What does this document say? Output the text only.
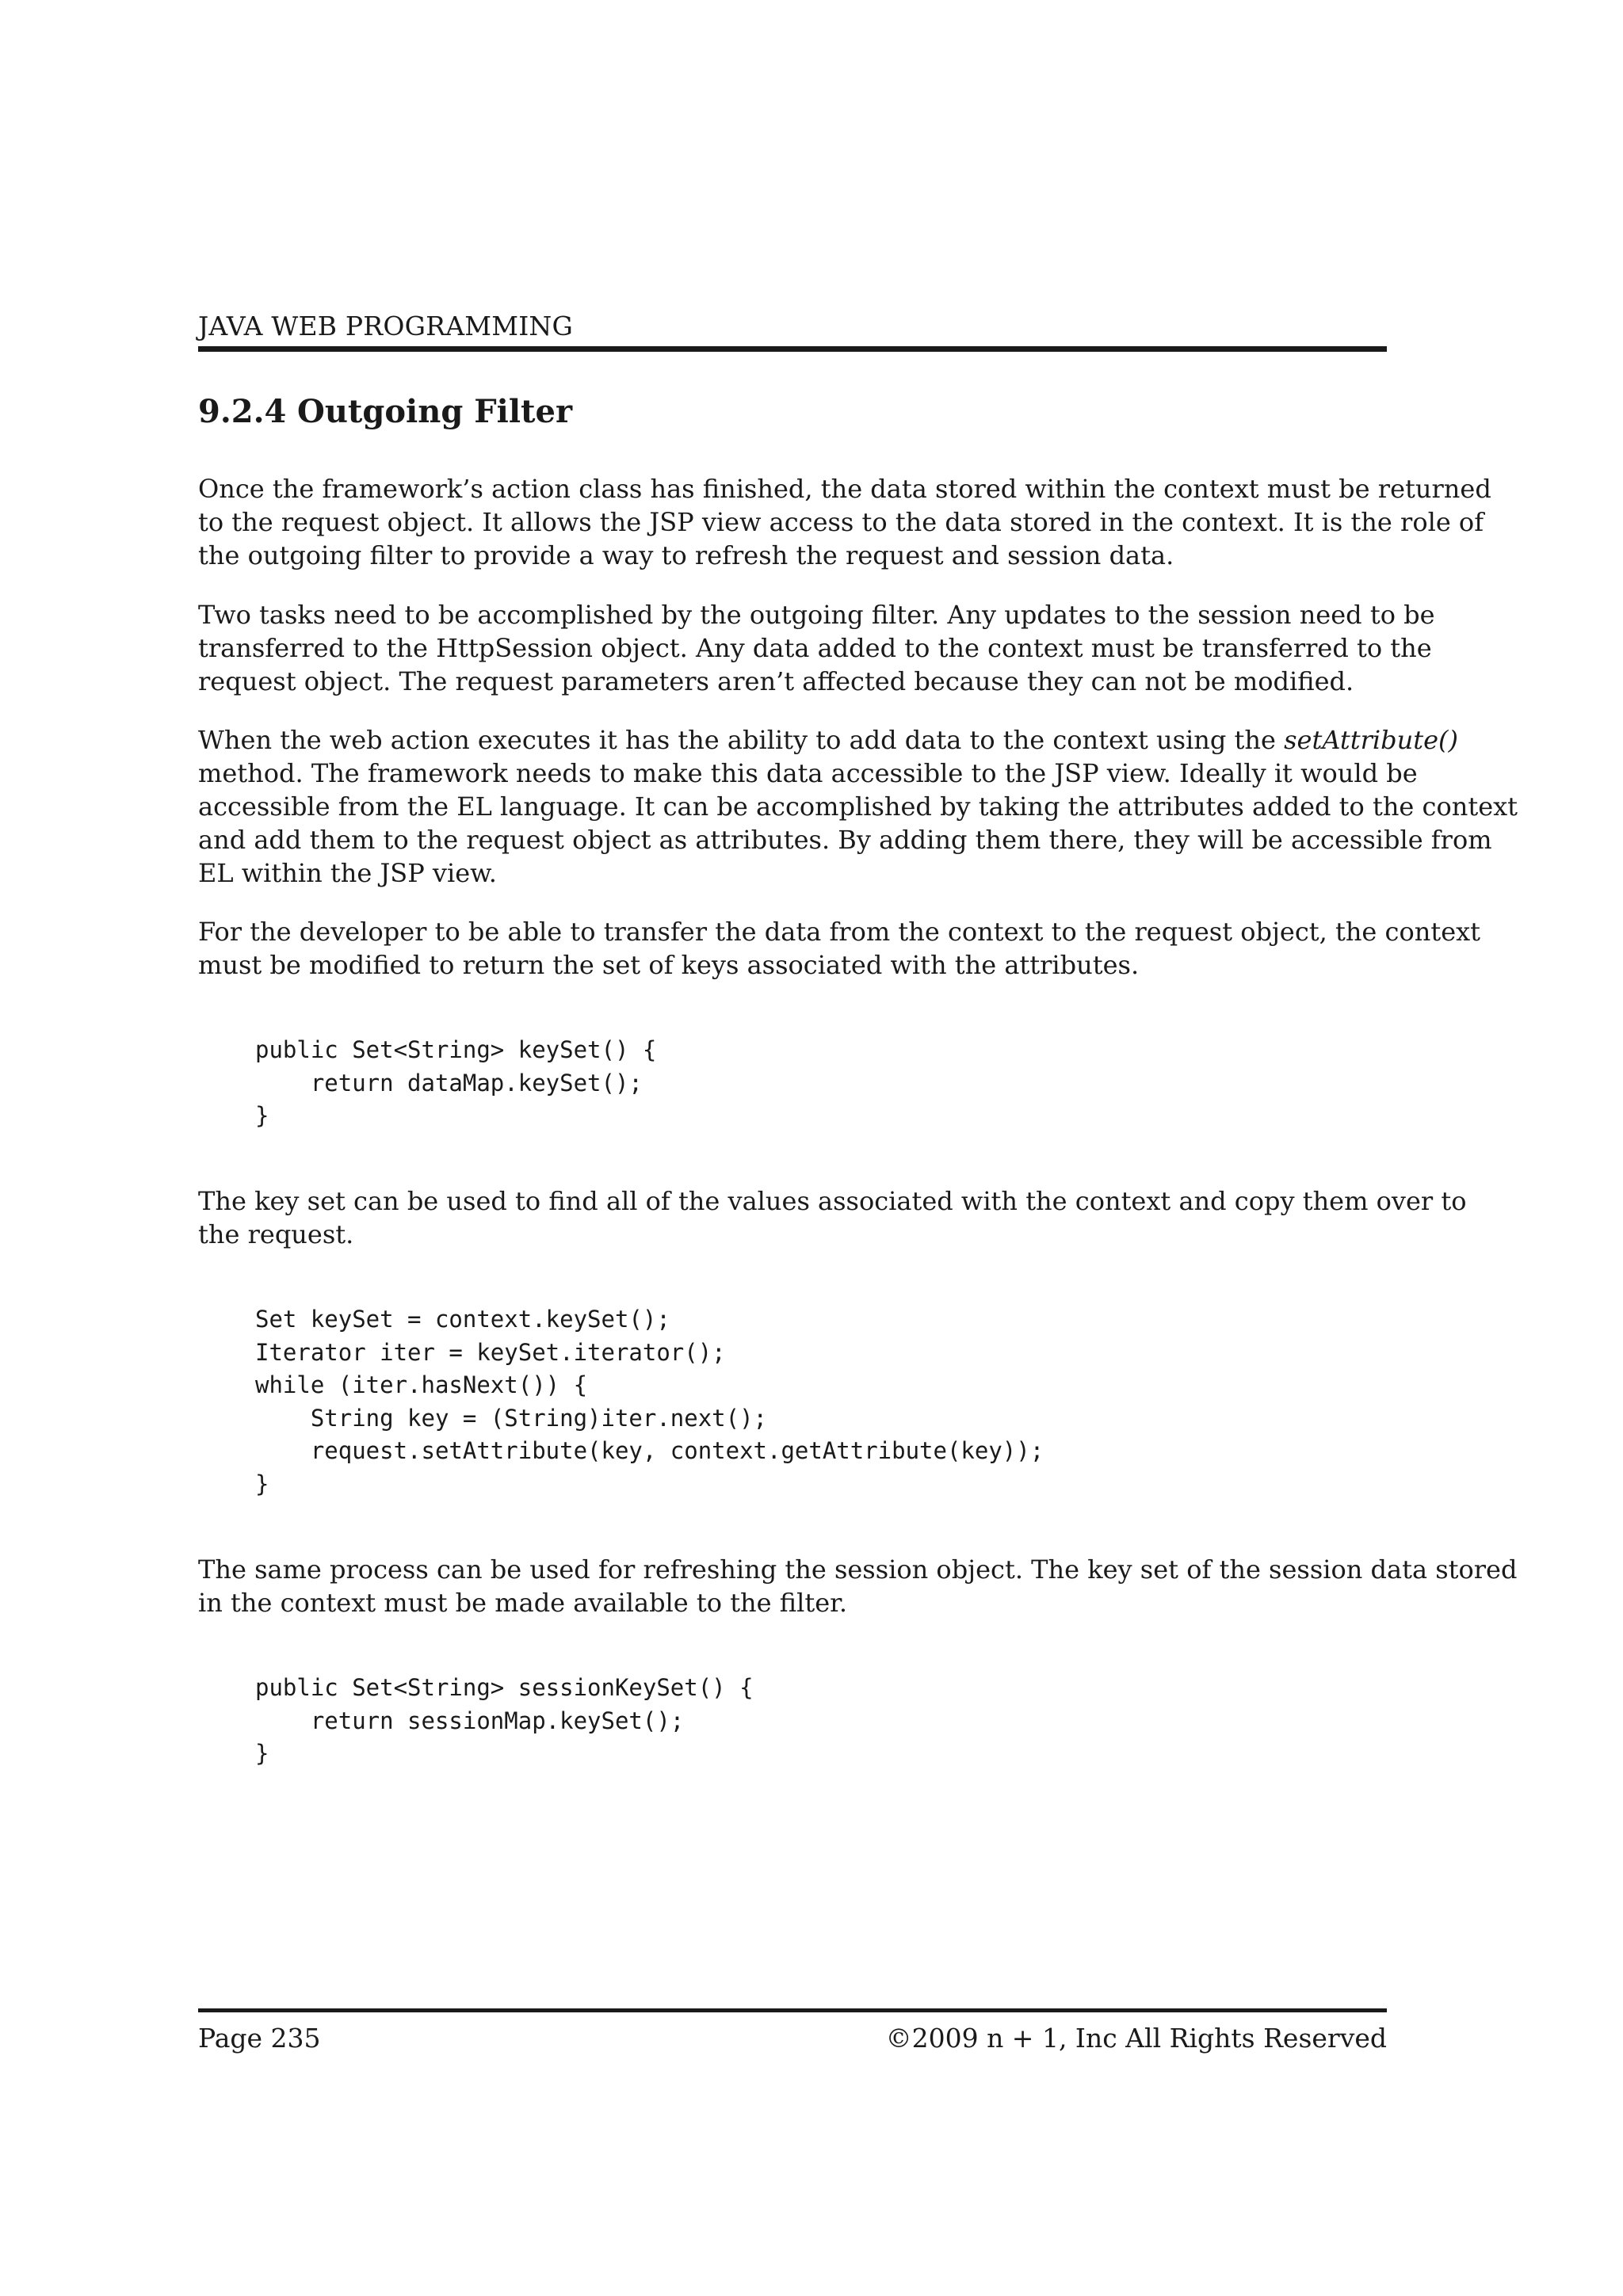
JAVA WEB PROGRAMMING
9.2.4 Outgoing Filter
Once the framework’s action class has finished, the data stored within the context must be returned
to the request object. It allows the JSP view access to the data stored in the context. It is the role of
the outgoing filter to provide a way to refresh the request and session data.
Two tasks need to be accomplished by the outgoing filter. Any updates to the session need to be
transferred to the HttpSession object. Any data added to the context must be transferred to the
request object. The request parameters aren’t affected because they can not be modified.
When the web action executes it has the ability to add data to the context using the setAttribute()
method. The framework needs to make this data accessible to the JSP view. Ideally it would be
accessible from the EL language. It can be accomplished by taking the attributes added to the context
and add them to the request object as attributes. By adding them there, they will be accessible from
EL within the JSP view.
For the developer to be able to transfer the data from the context to the request object, the context
must be modified to return the set of keys associated with the attributes.
public Set<String> keySet() {
return dataMap.keySet();
}
The key set can be used to find all of the values associated with the context and copy them over to
the request.
Set keySet = context.keySet();
Iterator iter = keySet.iterator();
while (iter.hasNext()) {
String key = (String)iter.next();
request.setAttribute(key, context.getAttribute(key));
}
The same process can be used for refreshing the session object. The key set of the session data stored
in the context must be made available to the filter.
public Set<String> sessionKeySet() {
return sessionMap.keySet();
}
Page 235	©2009 n + 1, Inc All Rights Reserved
